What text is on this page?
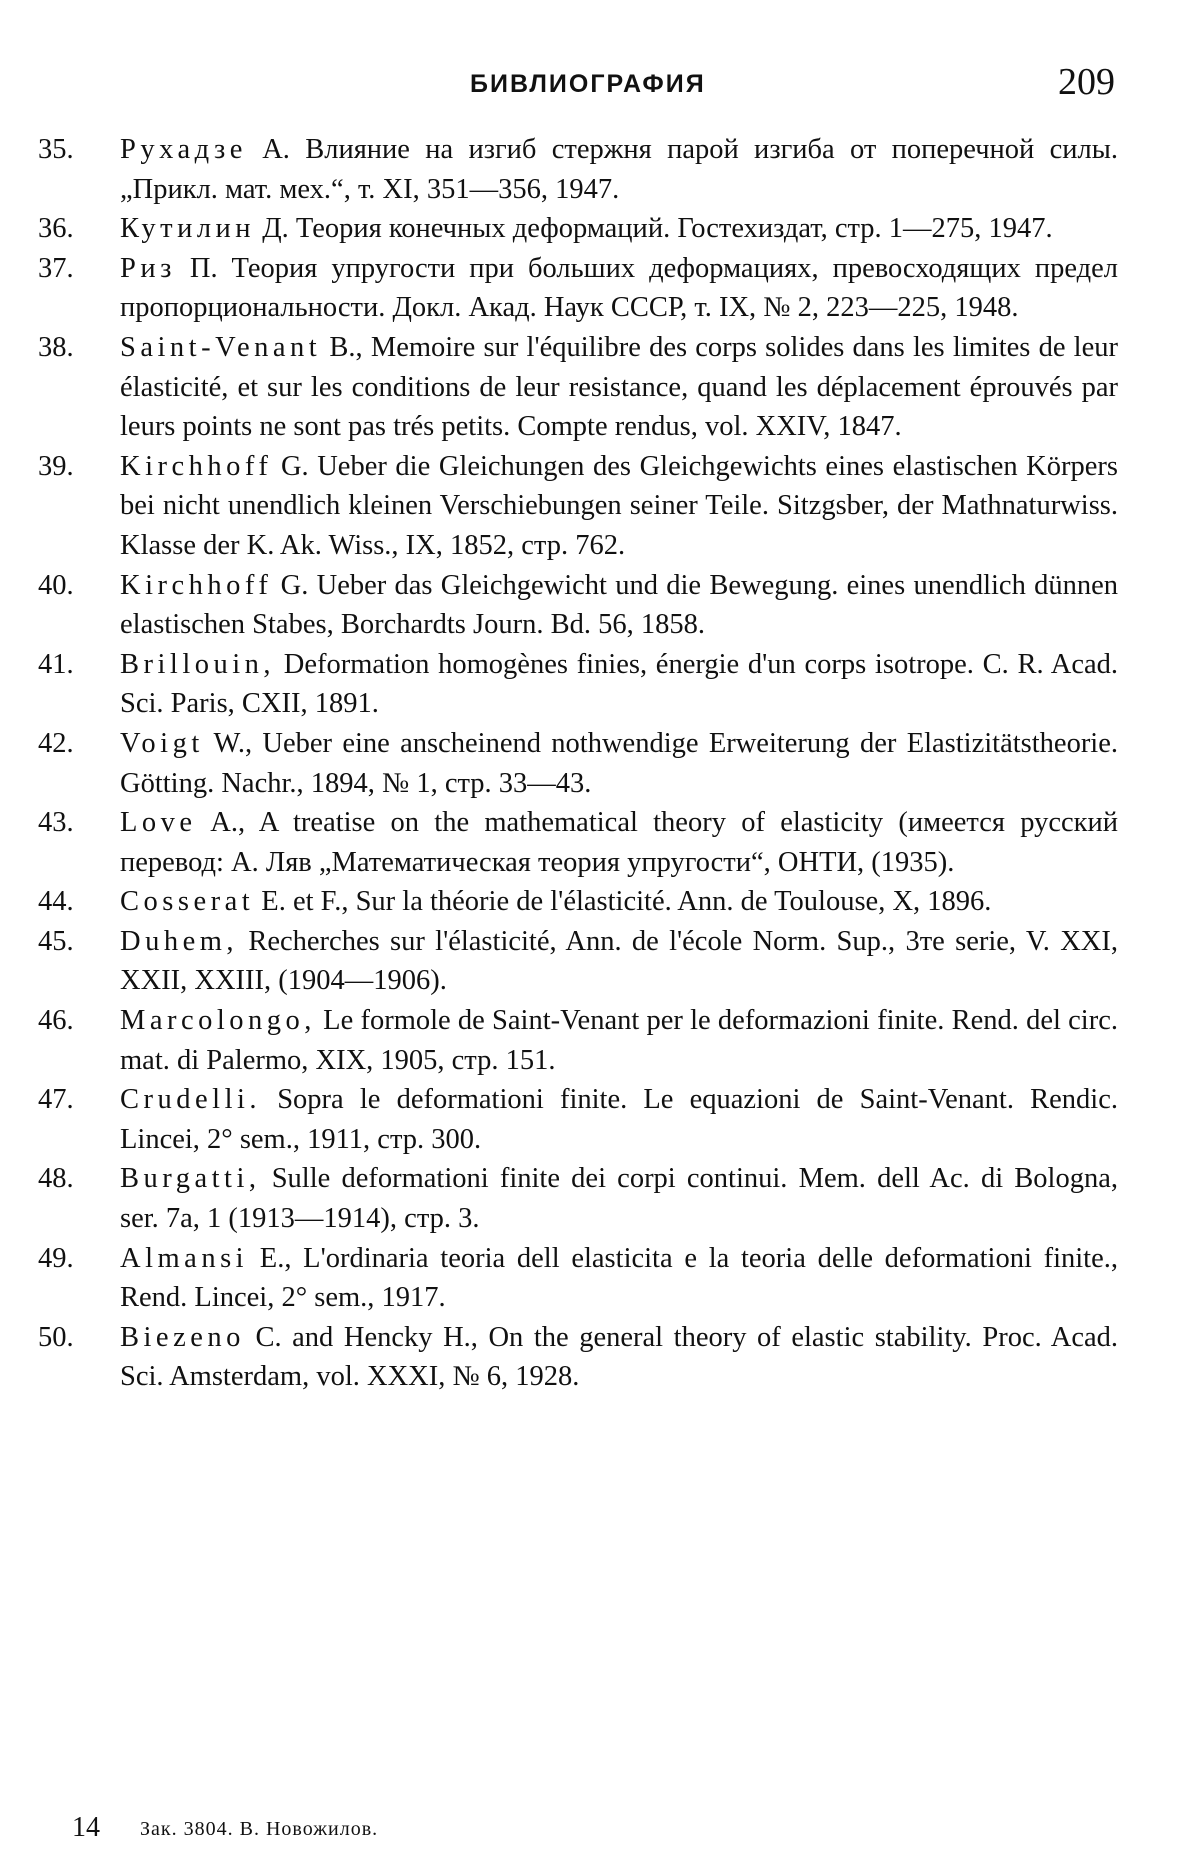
БИВЛИОГРАФИЯ	209
35.	Рухадзе А. Влияние на изгиб стержня парой изгиба от поперечной силы. „Прикл. мат. мех.“, т. XI, 351—356, 1947.
36.	Кутилин Д. Теория конечных деформаций. Гостехиздат, стр. 1—275, 1947.
37.	Риз П. Теория упругости при больших деформациях, превосходящих предел пропорциональности. Докл. Акад. Наук СССР, т. IX, № 2, 223—225, 1948.
38.	Saint-Venant B., Memoire sur l'équilibre des corps solides dans les limites de leur élasticité, et sur les conditions de leur resistance, quand les déplacement éprouvés par leurs points ne sont pas trés petits. Compte rendus, vol. XXIV, 1847.
39.	Kirchhoff G. Ueber die Gleichungen des Gleichgewichts eines elastischen Körpers bei nicht unendlich kleinen Verschiebungen seiner Teile. Sitzgsber, der Mathnaturwiss. Klasse der K. Ak. Wiss., IX, 1852, стр. 762.
40.	Kirchhoff G. Ueber das Gleichgewicht und die Bewegung. eines unendlich dünnen elastischen Stabes, Borchardts Journ. Bd. 56, 1858.
41.	Brillouin, Deformation homogènes finies, énergie d'un corps isotrope. C. R. Acad. Sci. Paris, CXII, 1891.
42.	Voigt W., Ueber eine anscheinend nothwendige Erweiterung der Elastizitätstheorie. Götting. Nachr., 1894, № 1, стр. 33—43.
43.	Love A., A treatise on the mathematical theory of elasticity (имеется русский перевод: А. Ляв „Математическая теория упругости“, ОНТИ, (1935).
44.	Cosserat E. et F., Sur la théorie de l'élasticité. Ann. de Toulouse, X, 1896.
45.	Duhem, Recherches sur l'élasticité, Ann. de l'école Norm. Sup., 3те serie, V. XXI, XXII, XXIII, (1904—1906).
46.	Marcolongo, Le formole de Saint-Venant per le deformazioni finite. Rend. del circ. mat. di Palermo, XIX, 1905, стр. 151.
47.	Crudelli. Sopra le deformationi finite. Le equazioni de Saint-Venant. Rendic. Lincei, 2° sem., 1911, стр. 300.
48.	Burgatti, Sulle deformationi finite dei corpi continui. Mem. dell Ac. di Bologna, ser. 7a, 1 (1913—1914), стр. 3.
49.	Almansi E., L'ordinaria teoria dell elasticita e la teoria delle deformationi finite., Rend. Lincei, 2° sem., 1917.
50.	Biezeno C. and Hencky H., On the general theory of elastic stability. Proc. Acad. Sci. Amsterdam, vol. XXXI, № 6, 1928.
14 Зак. 3804. В. Новожилов.
